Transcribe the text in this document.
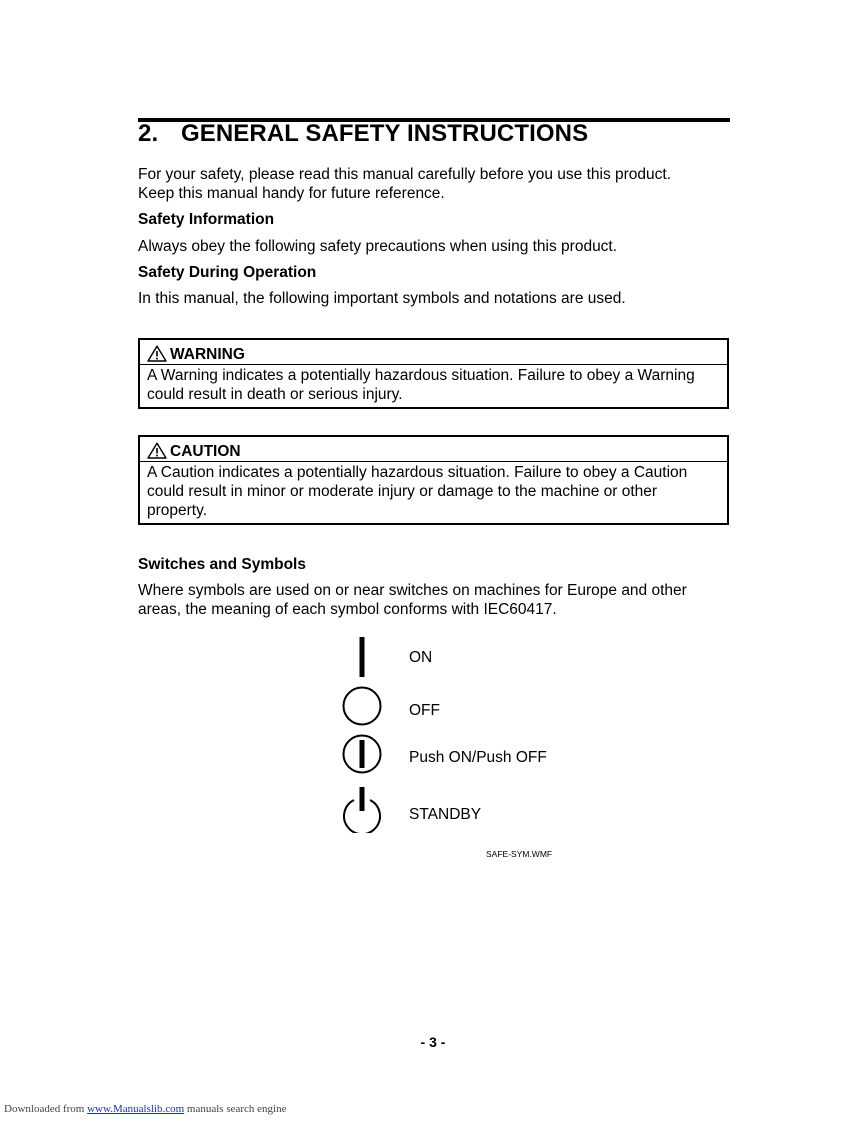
2. GENERAL SAFETY INSTRUCTIONS
For your safety, please read this manual carefully before you use this product.
Keep this manual handy for future reference.
Safety Information
Always obey the following safety precautions when using this product.
Safety During Operation
In this manual, the following important symbols and notations are used.
WARNING
A Warning indicates a potentially hazardous situation. Failure to obey a Warning
could result in death or serious injury.
CAUTION
A Caution indicates a potentially hazardous situation. Failure to obey a Caution
could result in minor or moderate injury or damage to the machine or other
property.
Switches and Symbols
Where symbols are used on or near switches on machines for Europe and other
areas, the meaning of each symbol conforms with IEC60417.
ON
OFF
Push ON/Push OFF
STANDBY
SAFE-SYM.WMF
- 3 -
Downloaded from www.Manualslib.com manuals search engine
